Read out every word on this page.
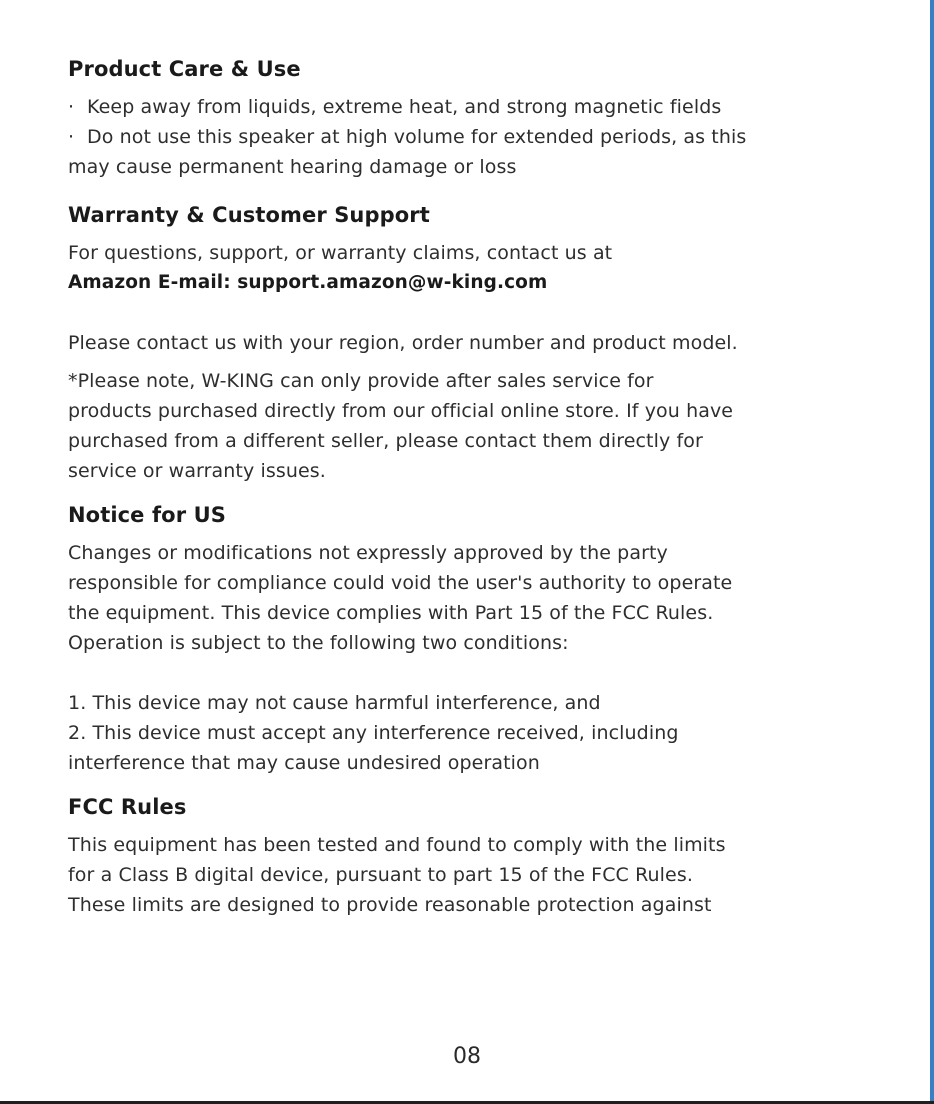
Product Care & Use

· Keep away from liquids, extreme heat, and strong magnetic fields

· Do not use this speaker at high volume for extended periods, as this

may cause permanent hearing damage or loss

Warranty & Customer Support

For questions, support, or warranty claims, contact us at

Amazon E-mail: support.amazon@w-king.com

Please contact us with your region, order number and product model.

*Please note, W-KING can only provide after sales service for

products purchased directly from our official online store. If you have

purchased from a different seller, please contact them directly for

service or warranty issues.

Notice for US

Changes or modifications not expressly approved by the party

responsible for compliance could void the user's authority to operate

the equipment. This device complies with Part 15 of the FCC Rules.

Operation is subject to the following two conditions:

1. This device may not cause harmful interference, and

2. This device must accept any interference received, including

interference that may cause undesired operation

FCC Rules

This equipment has been tested and found to comply with the limits

for a Class B digital device, pursuant to part 15 of the FCC Rules.

These limits are designed to provide reasonable protection against

08
